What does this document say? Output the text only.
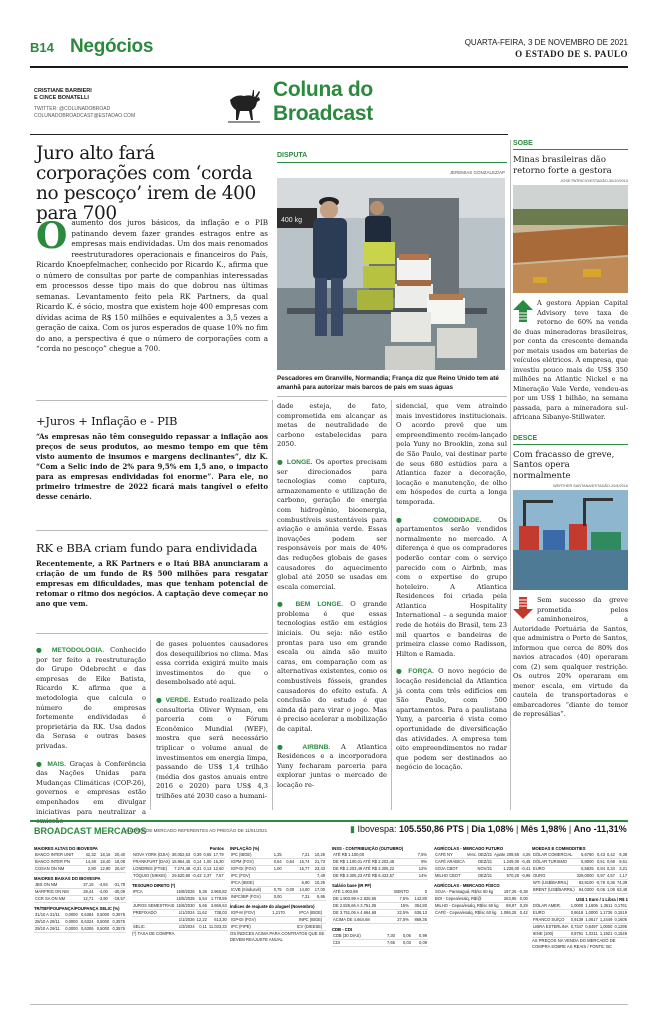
B14 Negócios	QUARTA-FEIRA, 3 DE NOVEMBRO DE 2021
O ESTADO DE S. PAULO
CRISTIANE BARBIERI
E CINCE BONATELLI
TWITTER: @COLUNADOBROAD
COLUNADOBROADCAST@ESTADAO.COM
Coluna do
Broadcast
Juro alto fará corporações com ‘corda no pescoço’ irem de 400 para 700
Oaumento dos juros básicos, da inflação e o PIB patinando devem fazer grandes estragos entre as empresas mais endividadas. Um dos mais renomados reestruturadores operacionais e financeiros do País, Ricardo Knoepfelmacher, conhecido por Ricardo K., afirma que o número de consultas por parte de companhias interessadas em processos desse tipo mais do que dobrou nas últimas semanas. Levantamento feito pela RK Partners, da qual Ricardo K. é sócio, mostra que existem hoje 400 empresas com dívidas acima de R$ 150 milhões e equivalentes a 3,5 vezes a geração de caixa. Com os juros esperados de quase 10% no fim do ano, a perspectiva é que o número de corporações com a “corda no pescoço” chegue a 700.
+Juros + Inflação e - PIB
“As empresas não têm conseguido repassar a inflação aos preços de seus produtos, ao mesmo tempo em que têm visto aumento de insumos e margens declinantes”, diz K. “Com a Selic indo de 2% para 9,5% em 1,5 ano, o impacto para as empresas endividadas foi enorme”. Para ele, no primeiro trimestre de 2022 ficará mais tangível o efeito desse cenário.
RK e BBA criam fundo para endividada
Recentemente, a RK Partners e o Itaú BBA anunciaram a criação de um fundo de R$ 500 milhões para resgatar empresas em dificuldades, mas que tenham potencial de retomar o ritmo dos negócios. A captação deve começar no ano que vem.

● METODOLOGIA. Conhecido por ter feito a reestruturação do Grupo Odebrecht e das empresas de Eike Batista, Ricardo K. afirma que a metodologia que calcula o número de empresas fortemente endividadas é proprietária da RK. Usa dados da Serasa e outras bases privadas.

● MAIS. Graças à Conferência das Nações Unidas para Mudanças Climáticas (COP-26), governos e empresas estão empenhados em divulgar iniciativas para neutralizar a emissão

de gases poluentes causadores dos desequilíbrios no clima. Mas essa corrida exigirá muito mais investimentos do que o desembolsado até aqui.

● VERDE. Estudo realizado pela consultoria Oliver Wyman, em parceria com o Fórum Econômico Mundial (WEF), mostra que será necessário triplicar o volume anual de investimentos em energia limpa, passando de US$ 1,4 trilhão (média dos gastos anuais entre 2016 e 2020) para US$ 4,3 trilhões até 2030 caso a humani-

DISPUTA
JEREMIAS GONZALEZ/AP
400 kg
Pescadores em Granville, Normandia; França diz que Reino Unido tem até amanhã para autorizar mais barcos de pais em suas águas

dade esteja, de fato, comprometida em alcançar as metas de neutralidade de carbono estabelecidas para 2050.

● LONGE. Os aportes precisam ser direcionados para tecnologias como captura, armazenamento e utilização de carbono, geração de energia com hidrogênio, bioenergia, combustíveis sustentáveis para aviação e amônia verde. Essas inovações podem ser responsáveis por mais de 40% das reduções globais de gases causadores do aquecimento global até 2050 se usadas em escala comercial.

● BEM LONGE. O grande problema é que essas tecnologias estão em estágios iniciais. Ou seja: não estão prontas para uso em grande escala ou ainda são muito caras, em comparação com as alternativas existentes, como os combustíveis fósseis, grandes causadores do efeito estufa. A conclusão do estudo é que ainda dá para virar o jogo. Mas é preciso acelerar a mobilização de capital.

● AIRBNB. A Atlantica Residences e a incorporadora Yuny fecharam parceria para explorar juntas o mercado de locação re-

sidencial, que vem atraindo mais investidores institucionais. O acordo prevê que um empreendimento recém-lançado pela Yuny no Brooklin, zona sul de São Paulo, vai destinar parte de seus 680 estúdios para a Atlantica fazer a decoração, locação e manutenção, de olho em hóspedes de curta a longa temporada.

● COMODIDADE. Os apartamentos serão vendidos normalmente no mercado. A diferença é que os compradores poderão contar com o serviço parecido com o Airbnb, mas com o expertise do grupo hoteleiro. A Atlantica Residences foi criada pela Atlantica Hospitality International – a segunda maior rede de hotéis do Brasil, tem 23 mil quartos e bandeiras de primeira classe como Radisson, Hilton e Ramada.

● FORÇA. O novo negócio de locação residencial da Atlantica já conta com três edifícios em São Paulo, com 500 apartamentos. Para a paulistana Yuny, a parceria é vista como oportunidade de diversificação das atividades. A empresa tem oito empreendimentos no radar que podem ser destinados ao negócio de locação.

SOBE
Minas brasileiras dão retorno forte a gestora
JOSE PATRICIO/ESTADÃO-30/10/2013

A gestora Appian Capital Advisory teve taxa de retorno de 60% na venda de duas mineradoras brasileiras, por conta da crescente demanda por metais usados em baterias de veículos elétricos. A empresa, que investiu pouco mais de US$ 350 milhões na Atlantic Nickel e na Mineração Vale Verde, vendeu-as por um US$ 1 bilhão, na semana passada, para a mineradora sul-africana Sibanye-Stillwater.

DESCE
Com fracasso de greve, Santos opera normalmente
WERTHER SANTANA/ESTADÃO-20/4/2016

Sem sucesso da greve prometida pelos caminhoneiros, a Autoridade Portuária de Santos, que administra o Porto de Santos, informou que cerca de 80% dos navios atracados (40) operaram com (2) sem qualquer restrição. Os outros 20% operaram em menor escala, em virtude da cautela de transportadoras e embarcadores “diante do temor de represálias”.

BROADCAST MERCADOS
VALORES DE MERCADO REFERENTES AO PREGÃO DE 11/01/2021	▮ Ibovespa: 105.550,86 PTS | Dia 1,08% | Mês 1,98% | Ano -11,31%
MAIORES ALTAS DO IBOVESPA
BANCO INTER UNIT	42,32	18,16	20,40
BANCO INTER PN	14,48	18,40	18,08
COSAN ON NM	2,80	12,90	20,67
MAIORES BAIXAS DO IBOVESPA
JBS ON NM	37,15	-4,84	-31,79
MARFRIG ON NM	28,44	-4,00	-30,09
CCR SA ON NM	12,71	-3,90	-19,57
TR/TBF/POUPANÇA/POUPANÇA SELIC (%)
31/10 A 31/11	0,0000	0,6384	0,5000	0,3575
28/10 A 28/11	0,0000	0,6324	0,5000	0,3575
29/10 A 29/11	0,0000	0,6306	0,5000	0,3575
Pontos
NOVA YORK (DJIA)	36.052,63	0,39	0,65	17,79
FRANKFURT (DAX)	15.954,45	0,14	1,00	16,30
LONDRES (FTSE)	7.274,48	-0,31	0,13	12,60
TÓQUIO (NIKKEI)	29.520,90	-0,43	2,37	7,57
TESOURO DIRETO (*)
IPCA	15/8/2026	5,36	2.960,82
	15/5/2035	5,54	1.778,59
JUROS SEMESTRAIS	15/8/2030	5,66	3.866,63
PREFIXADO	1/1/2024	11,62	738,03
	1/1/2026	12,22	613,30
SELIC	1/3/2024	0,11	11.033,33
(*) TAXA DE COMPRA
INFLAÇÃO (%)
IPC (IBGE)	1,25		7,21	10,25
IGPM (FGV)	0,64	0,64	16,74	21,73
IGP-DI (FGV)	1,00		15,77	23,43
IPC (FGV)				7,49
IPCA (IBGE)			6,90	10,25
ICVB (Sindusvit)	0,75	0,00	14,00	17,00
INPC/IBP (FGV)	0,00		7,31	9,86
Índices de reajuste do aluguel (Novembro)
IGP-M (FGV)	1,2170	IPCA (IBGE)	
IGP-DI (FGV)		INPC (IBGE)	
IPC (FIPE)		ICV (DIEESE)	
OS ÍNDICES ACIMA PARA CONTRATOS QUE SE DEVEM REAJUSTE ANUAL
INSS - CONTRIBUIÇÃO (OUTUBRO)
ATÉ R$ 1.100,00	7,5%
DE R$ 1.100,01 ATÉ R$ 2.203,48	9%
DE R$ 2.203,49 ATÉ R$ 3.305,22	12%
DE R$ 3.305,23 ATÉ R$ 6.433,57	14%
Salário base (IR PF)
ATÉ 1.903,98	ISENTO	0
DE 1.903,99 A 2.826,65	7,5%	142,80
DE 2.826,66 A 3.751,05	15%	354,80
DE 3.751,06 A 4.664,68	22,5%	636,13
ACIMA DE 4.664,68	27,5%	869,36
CDB - CDI
CDB (30 DIAS)	7,30	0,06	0,99
CDI	7,65	0,03	0,09
AGRÍCOLAS - MERCADO FUTURO
CAFÉ NY	Venc. DEZ/21	Ajuste 208,55	4,25
CAFÉ ARÁBICA	DEZ/21	1.249,00	-0,45
SOJA CBOT	NOV/21	1.228,00	-0,41
MILHO CBOT	DEZ/21	570,25	-0,96
AGRÍCOLAS - MERCADO FÍSICO
SOJA - Paranaguá, R$/sc 60 kg	197,26	-0,38
BOI - Cepea/esalq, R$/@	263,95	0,00
MILHO - Cepea/esalq, R$/sc 60 kg	88,97	0,29
CAFÉ - Cepea/esalq, R$/sc 60 kg	1.086,25	0,42
MOEDAS E COMMODITIES
DÓLAR COMERCIAL	5,6780	0,43	0,42	9,39
DÓLAR TURISMO	5,8000	0,51	0,69	9,61
EURO	6,5825	0,84	0,34	3,21
OURO	329,0000	0,97	4,57	1,17
WTI (US$/BARRIL)	83,9100	-0,78	0,36	74,39
BRENT (US$/BARRIL)	84,0300	-0,06	1,08	63,48
US$ 1 Euro / 1 Libra / R$ 1
DÓLAR AMER.	1,0000	1,1606	1,3611	0,1761
EURO	0,8618	1,0000	1,1736	0,1519
FRANCO SUÍÇO	0,9139	1,0617	1,2449	0,1605
LIBRA ESTERLINA	0,7347	0,8497	1,0000	0,1295
IENE (100)	0,8791	1,0211	1,1921	0,1549
AS PREÇOS NA VENDA DO MERCADO DE COMPRA SOBRE AS REAIS / FONTE: BC
